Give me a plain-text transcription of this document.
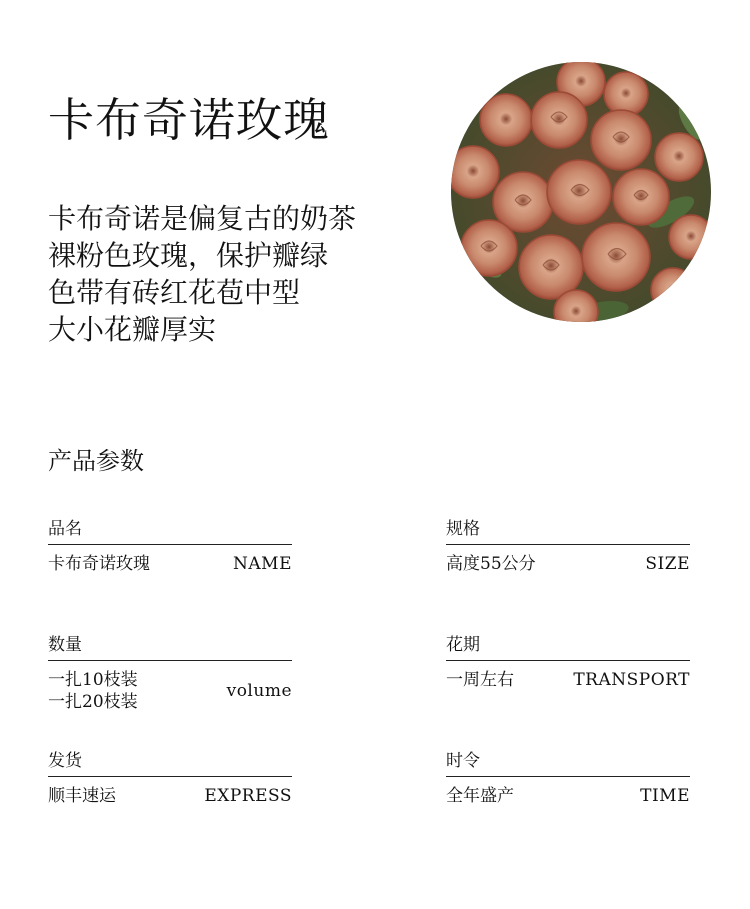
卡布奇诺玫瑰
卡布奇诺是偏复古的奶茶
裸粉色玫瑰，保护瓣绿
色带有砖红花苞中型
大小花瓣厚实
产品参数
品名
卡布奇诺玫瑰	NAME
规格
高度55公分	SIZE
数量
一扎10枝装
一扎20枝装
volume
花期
一周左右	TRANSPORT
发货
顺丰速运	EXPRESS
时令
全年盛产	TIME
